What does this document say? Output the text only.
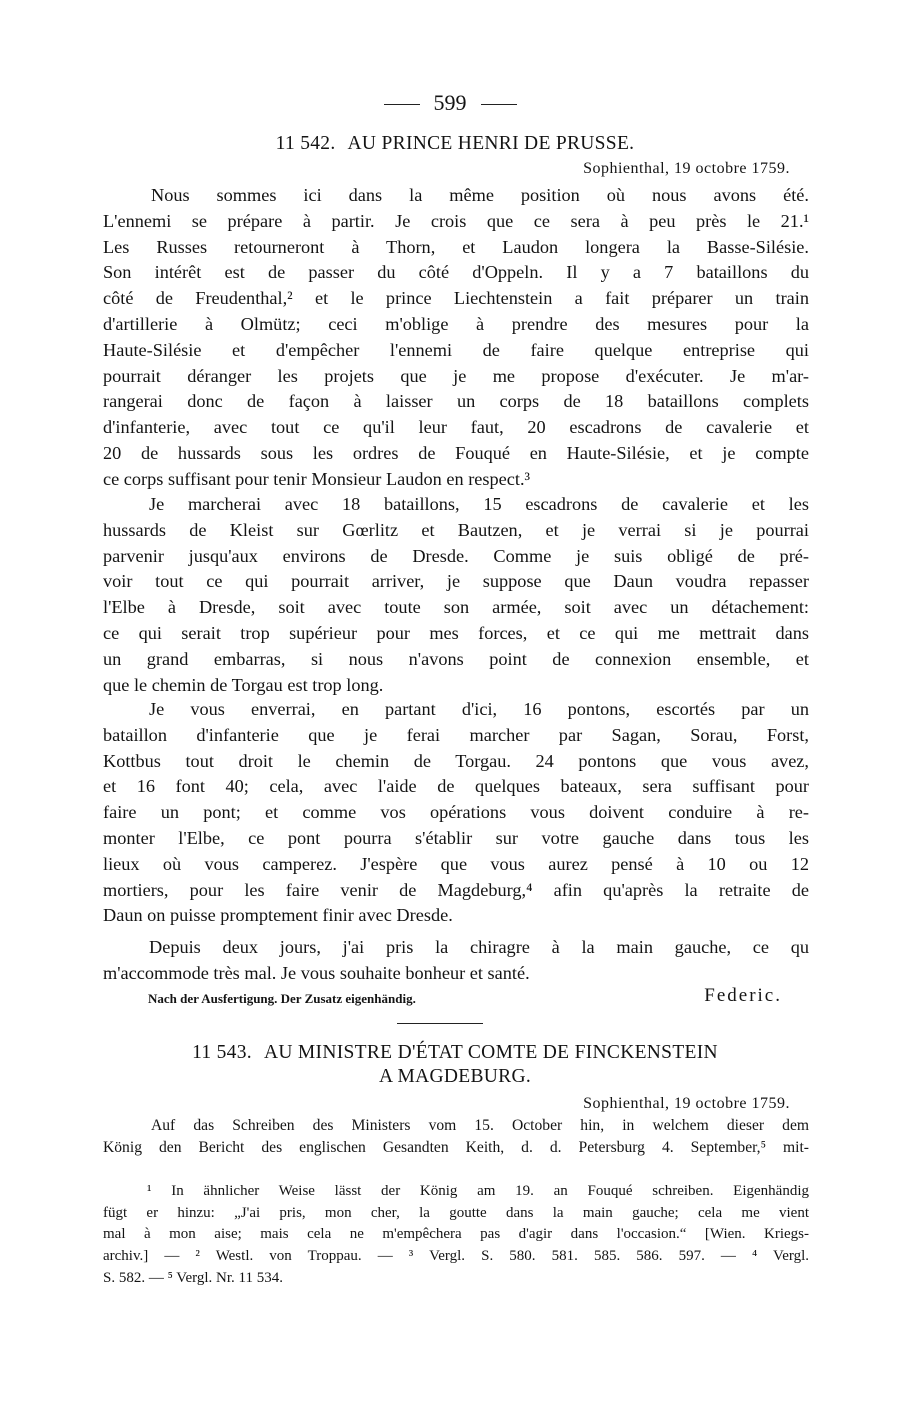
599
11 542. AU PRINCE HENRI DE PRUSSE.
Sophienthal, 19 octobre 1759.
Nous sommes ici dans la même position où nous avons été.
L'ennemi se prépare à partir. Je crois que ce sera à peu près le 21.¹
Les Russes retourneront à Thorn, et Laudon longera la Basse-Silésie.
Son intérêt est de passer du côté d'Oppeln. Il y a 7 bataillons du
côté de Freudenthal,² et le prince Liechtenstein a fait préparer un train
d'artillerie à Olmütz; ceci m'oblige à prendre des mesures pour la
Haute-Silésie et d'empêcher l'ennemi de faire quelque entreprise qui
pourrait déranger les projets que je me propose d'exécuter. Je m'ar-
rangerai donc de façon à laisser un corps de 18 bataillons complets
d'infanterie, avec tout ce qu'il leur faut, 20 escadrons de cavalerie et
20 de hussards sous les ordres de Fouqué en Haute-Silésie, et je compte
ce corps suffisant pour tenir Monsieur Laudon en respect.³
Je marcherai avec 18 bataillons, 15 escadrons de cavalerie et les
hussards de Kleist sur Gœrlitz et Bautzen, et je verrai si je pourrai
parvenir jusqu'aux environs de Dresde. Comme je suis obligé de pré-
voir tout ce qui pourrait arriver, je suppose que Daun voudra repasser
l'Elbe à Dresde, soit avec toute son armée, soit avec un détachement:
ce qui serait trop supérieur pour mes forces, et ce qui me mettrait dans
un grand embarras, si nous n'avons point de connexion ensemble, et
que le chemin de Torgau est trop long.
Je vous enverrai, en partant d'ici, 16 pontons, escortés par un
bataillon d'infanterie que je ferai marcher par Sagan, Sorau, Forst,
Kottbus tout droit le chemin de Torgau. 24 pontons que vous avez,
et 16 font 40; cela, avec l'aide de quelques bateaux, sera suffisant pour
faire un pont; et comme vos opérations vous doivent conduire à re-
monter l'Elbe, ce pont pourra s'établir sur votre gauche dans tous les
lieux où vous camperez. J'espère que vous aurez pensé à 10 ou 12
mortiers, pour les faire venir de Magdeburg,⁴ afin qu'après la retraite de
Daun on puisse promptement finir avec Dresde.
Depuis deux jours, j'ai pris la chiragre à la main gauche, ce qu
m'accommode très mal. Je vous souhaite bonheur et santé.
Nach der Ausfertigung. Der Zusatz eigenhändig.	Federic.
11 543. AU MINISTRE D'ÉTAT COMTE DE FINCKENSTEIN
A MAGDEBURG.
Sophienthal, 19 octobre 1759.
Auf das Schreiben des Ministers vom 15. October hin, in welchem dieser dem
König den Bericht des englischen Gesandten Keith, d. d. Petersburg 4. September,⁵ mit-
¹ In ähnlicher Weise lässt der König am 19. an Fouqué schreiben. Eigenhändig
fügt er hinzu: „J'ai pris, mon cher, la goutte dans la main gauche; cela me vient
mal à mon aise; mais cela ne m'empêchera pas d'agir dans l'occasion.“ [Wien. Kriegs-
archiv.] — ² Westl. von Troppau. — ³ Vergl. S. 580. 581. 585. 586. 597. — ⁴ Vergl.
S. 582. — ⁵ Vergl. Nr. 11 534.
